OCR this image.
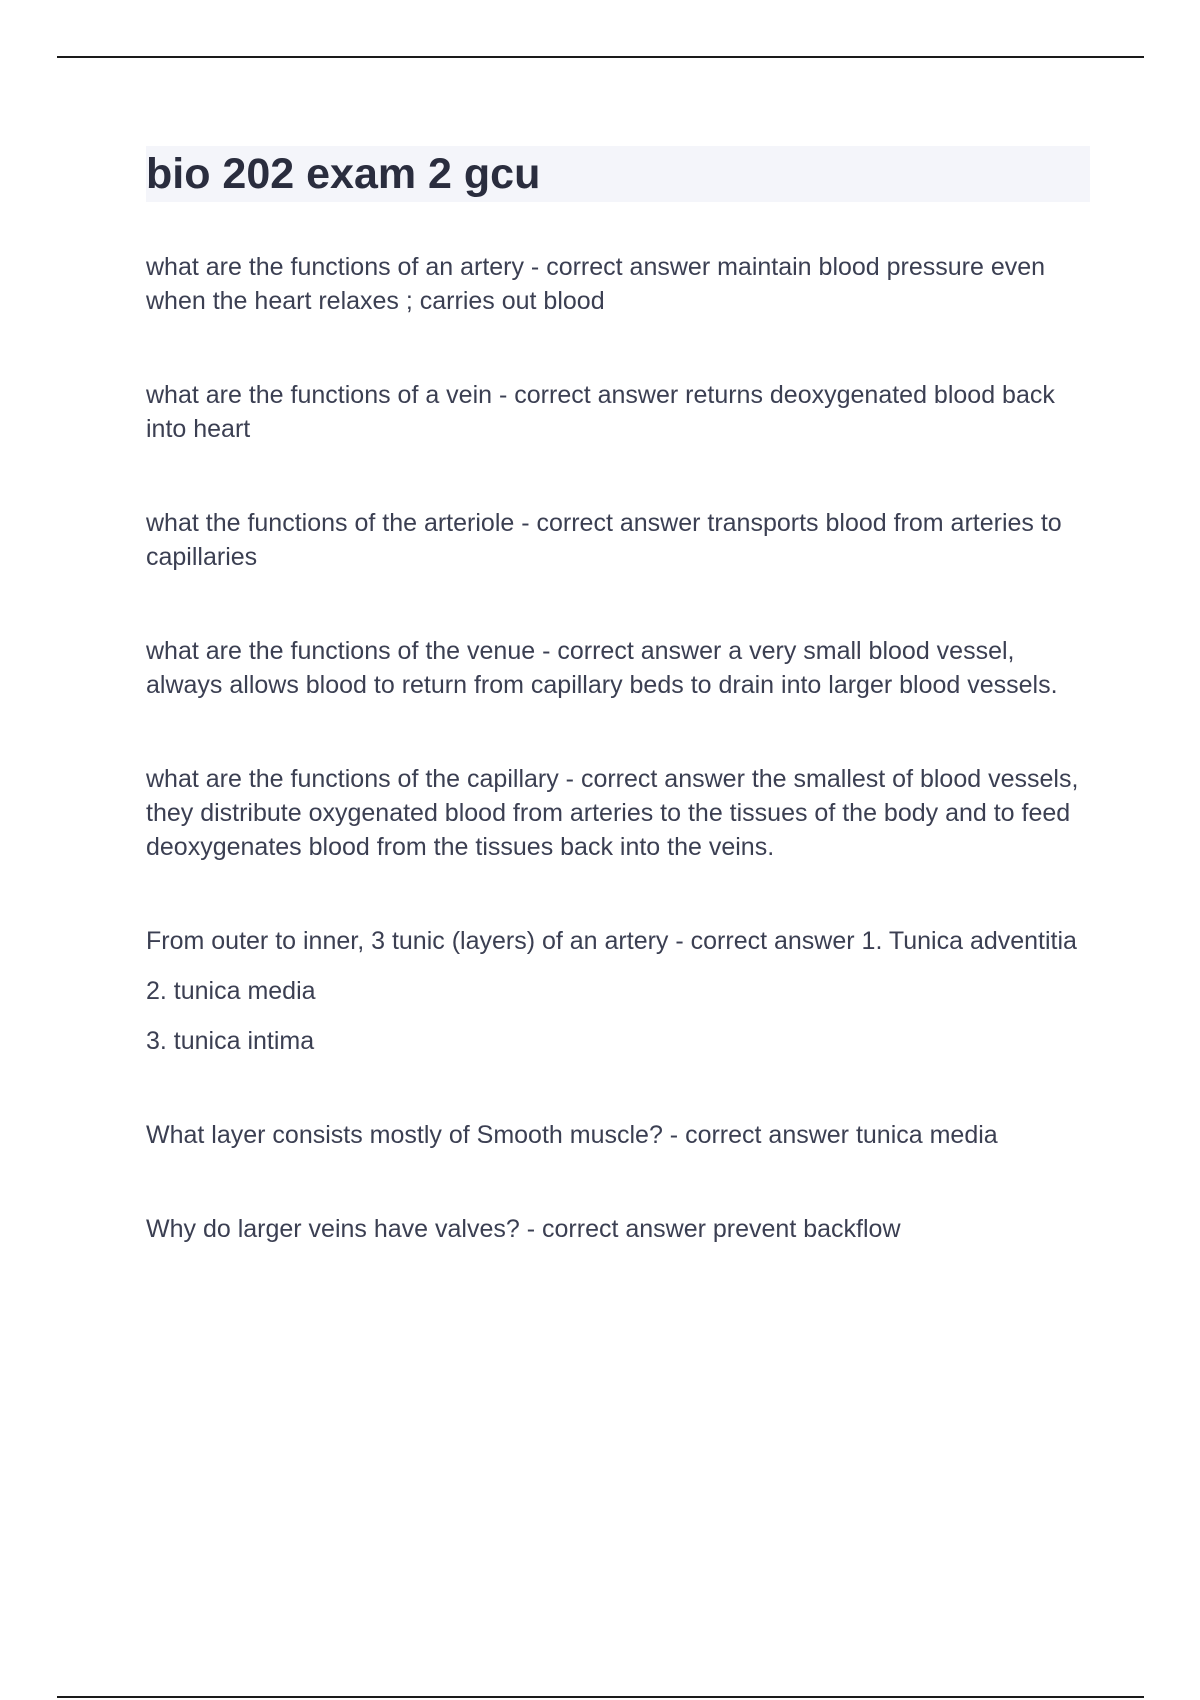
bio 202 exam 2 gcu

what are the functions of an artery - correct answer maintain blood pressure even when the heart relaxes ; carries out blood

what are the functions of a vein - correct answer returns deoxygenated blood back into heart

what the functions of the arteriole - correct answer transports blood from arteries to capillaries

what are the functions of the venue - correct answer a very small blood vessel, always allows blood to return from capillary beds to drain into larger blood vessels.

what are the functions of the capillary - correct answer the smallest of blood vessels, they distribute oxygenated blood from arteries to the tissues of the body and to feed deoxygenates blood from the tissues back into the veins.

From outer to inner, 3 tunic (layers) of an artery - correct answer 1. Tunica adventitia

2. tunica media

3. tunica intima

What layer consists mostly of Smooth muscle? - correct answer tunica media

Why do larger veins have valves? - correct answer prevent backflow
